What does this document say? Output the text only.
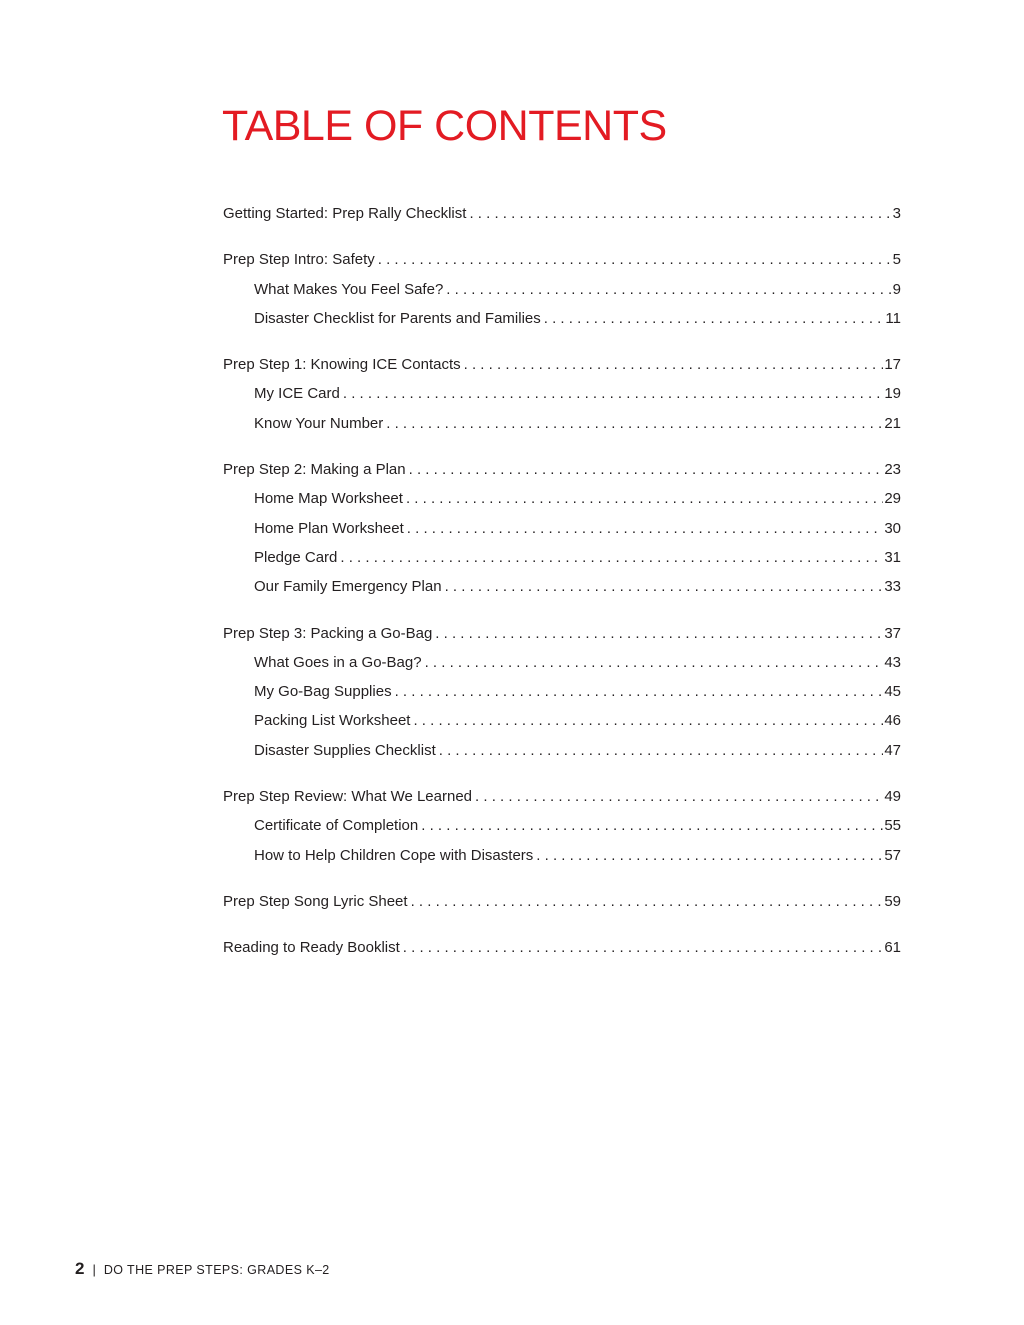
TABLE OF CONTENTS
Getting Started: Prep Rally Checklist . . .	3
Prep Step Intro: Safety . . .	5
What Makes You Feel Safe? . . .	9
Disaster Checklist for Parents and Families . . .	11
Prep Step 1: Knowing ICE Contacts . . .	17
My ICE Card . . .	19
Know Your Number . . .	21
Prep Step 2: Making a Plan . . .	23
Home Map Worksheet . . .	29
Home Plan Worksheet . . .	30
Pledge Card . . .	31
Our Family Emergency Plan . . .	33
Prep Step 3: Packing a Go-Bag . . .	37
What Goes in a Go-Bag? . . .	43
My Go-Bag Supplies . . .	45
Packing List Worksheet . . .	46
Disaster Supplies Checklist . . .	47
Prep Step Review: What We Learned . . .	49
Certificate of Completion . . .	55
How to Help Children Cope with Disasters . . .	57
Prep Step Song Lyric Sheet . . .	59
Reading to Ready Booklist . . .	61
2 | DO THE PREP STEPS: GRADES K–2
